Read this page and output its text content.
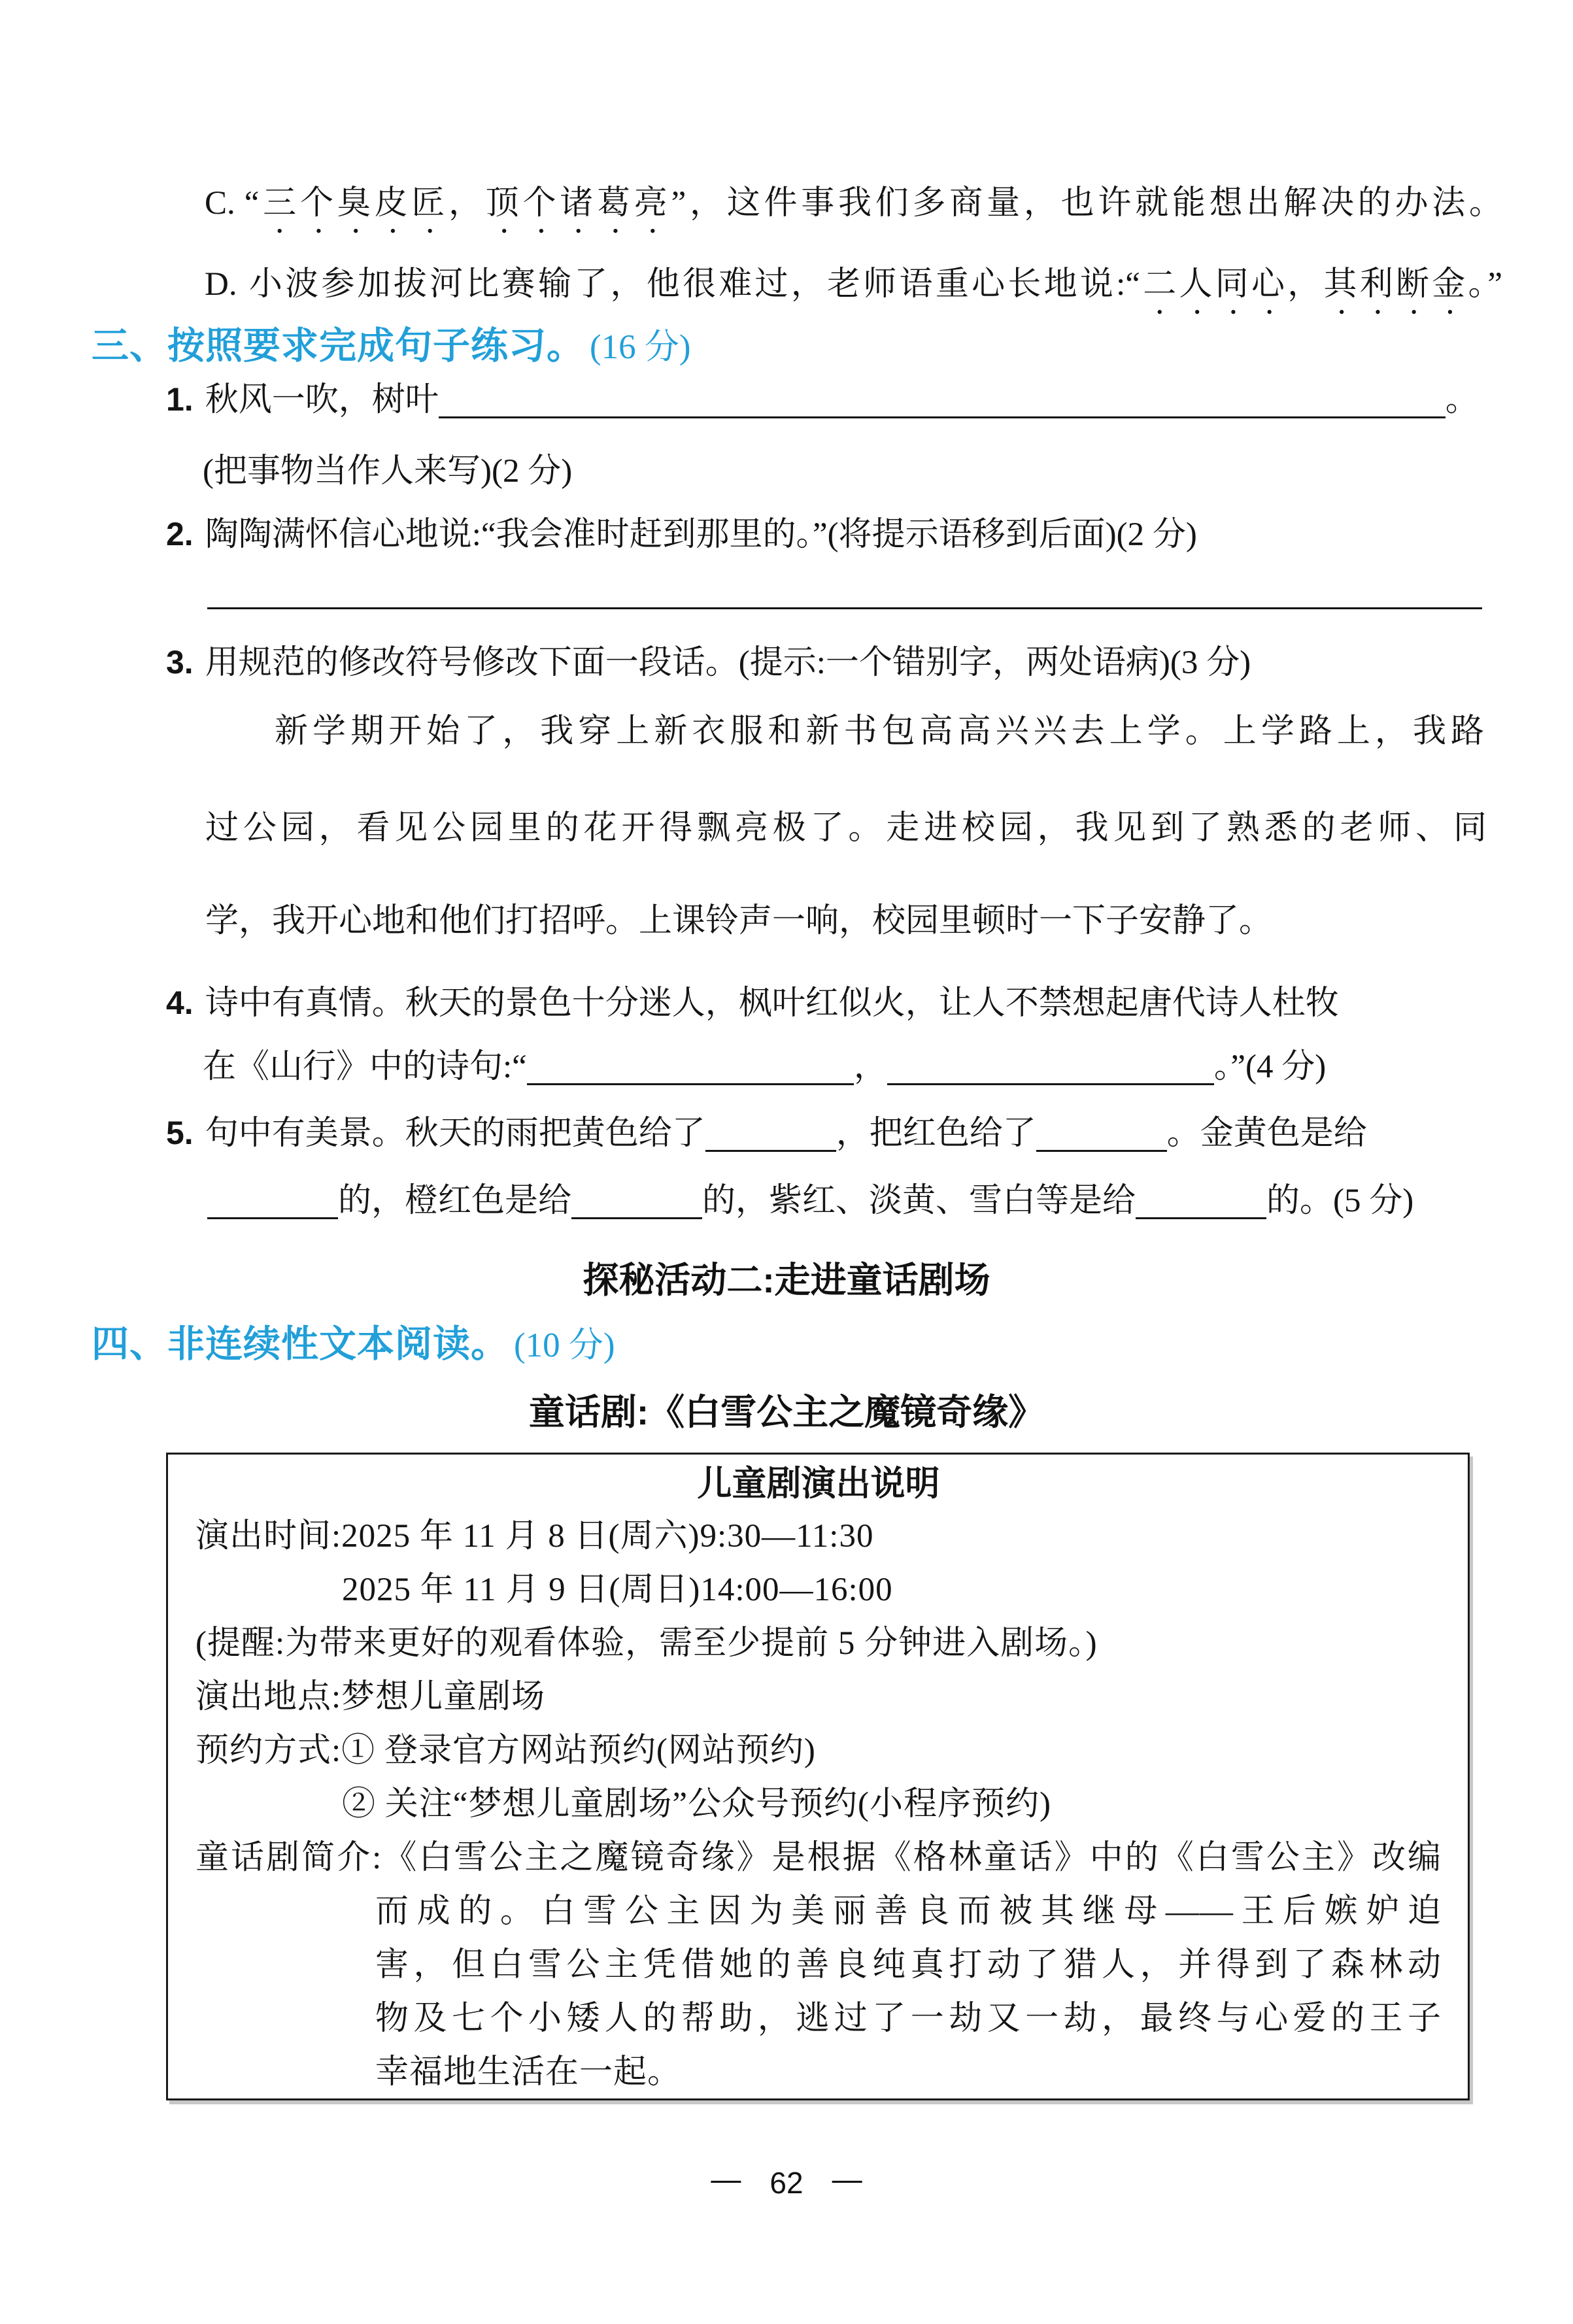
C. “三个臭皮匠，顶个诸葛亮”，这件事我们多商量，也许就能想出解决的办法。
D. 小波参加拔河比赛输了，他很难过，老师语重心长地说:“二人同心，其利断金。”
三、按照要求完成句子练习。 (16 分)
1. 秋风一吹，树叶	。
(把事物当作人来写)(2 分)
2. 陶陶满怀信心地说:“我会准时赶到那里的。”(将提示语移到后面)(2 分)
3. 用规范的修改符号修改下面一段话。(提示:一个错别字，两处语病)(3 分)
新学期开始了，我穿上新衣服和新书包高高兴兴去上学。上学路上，我路
过公园，看见公园里的花开得飘亮极了。走进校园，我见到了熟悉的老师、同
学，我开心地和他们打招呼。上课铃声一响，校园里顿时一下子安静了。
4. 诗中有真情。秋天的景色十分迷人，枫叶红似火，让人不禁想起唐代诗人杜牧
在《山行》中的诗句:“	，	。”(4 分)
5. 句中有美景。秋天的雨把黄色给了	，把红色给了	。金黄色是给
的，橙红色是给	的，紫红、淡黄、雪白等是给	的。(5 分)
探秘活动二:走进童话剧场
四、非连续性文本阅读。 (10 分)
童话剧:《白雪公主之魔镜奇缘》
儿童剧演出说明
演出时间:2025 年 11 月 8 日(周六)9:30—11:30
2025 年 11 月 9 日(周日)14:00—16:00
(提醒:为带来更好的观看体验，需至少提前 5 分钟进入剧场。)
演出地点:梦想儿童剧场
预约方式:① 登录官方网站预约(网站预约)
② 关注“梦想儿童剧场”公众号预约(小程序预约)
童话剧简介:《白雪公主之魔镜奇缘》是根据《格林童话》中的《白雪公主》改编
而成的。白雪公主因为美丽善良而被其继母——王后嫉妒迫
害，但白雪公主凭借她的善良纯真打动了猎人，并得到了森林动
物及七个小矮人的帮助，逃过了一劫又一劫，最终与心爱的王子
幸福地生活在一起。
— 62 —
